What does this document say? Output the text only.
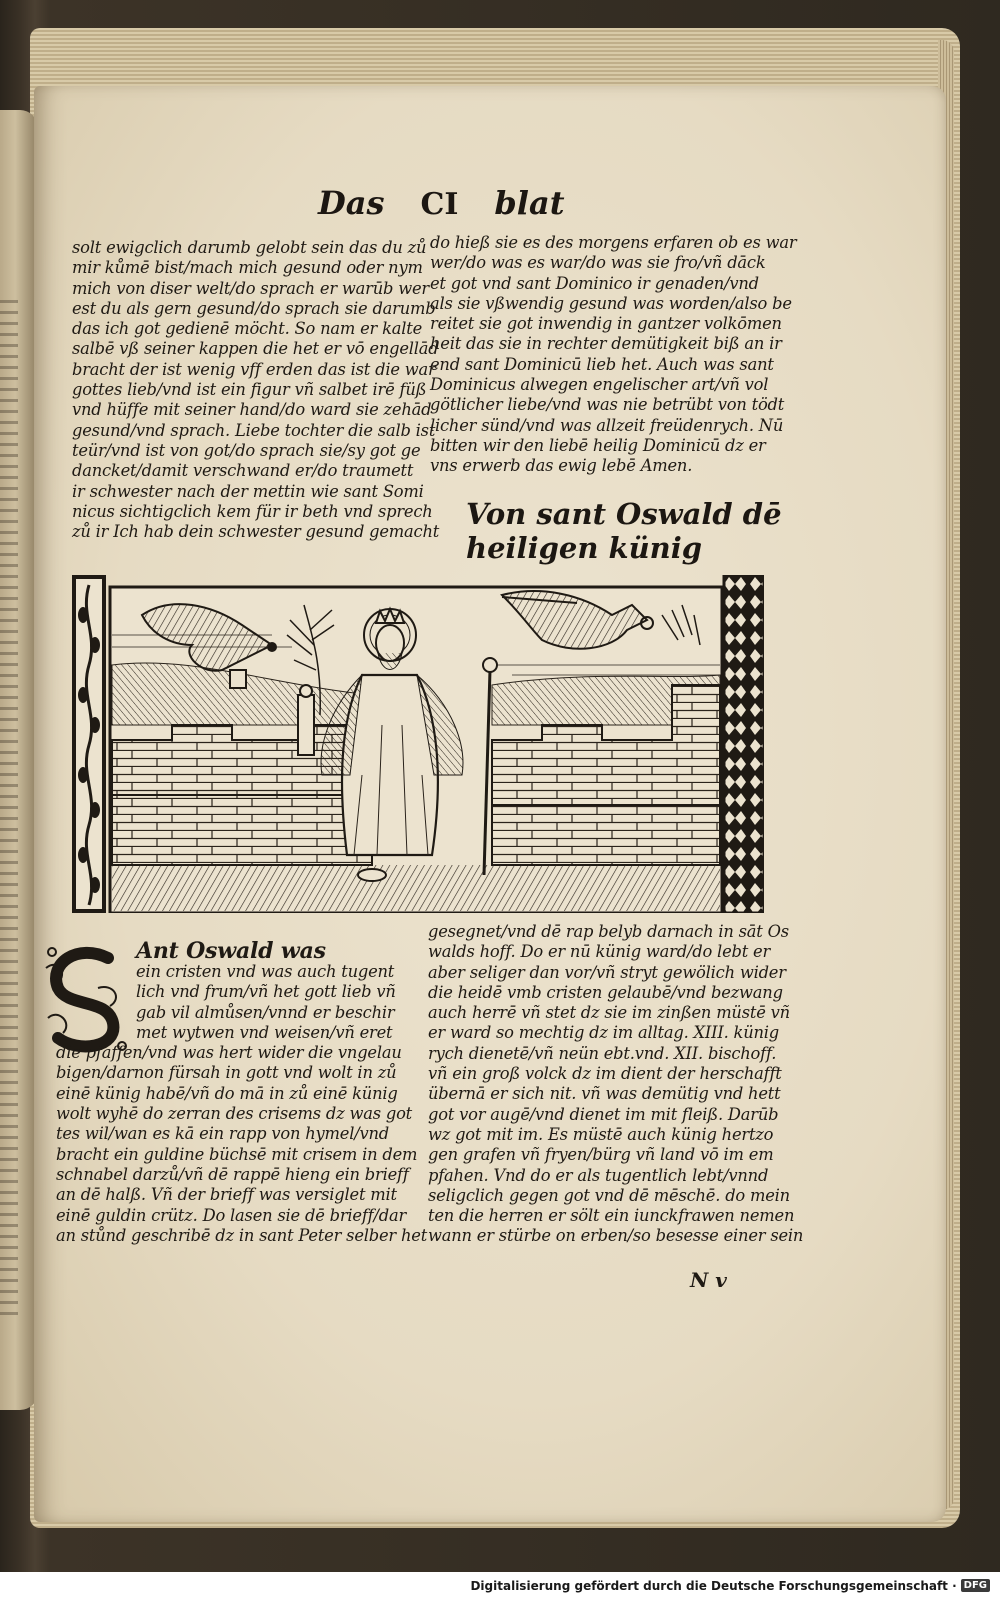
Das CI blat
solt ewigclich darumb gelobt sein das du zů
mir kůmē bist/mach mich gesund oder nym
mich von diser welt/do sprach er warūb wer
est du als gern gesund/do sprach sie darumb
das ich got gedienē möcht. So nam er kalte
salbē vß seiner kappen die het er vō engellād
bracht der ist wenig vff erden das ist die war
gottes lieb/vnd ist ein figur vñ salbet irē füß
vnd hüffe mit seiner hand/do ward sie zehād
gesund/vnd sprach. Liebe tochter die salb ist
teür/vnd ist von got/do sprach sie/sy got ge
dancket/damit verschwand er/do traumett
ir schwester nach der mettin wie sant Somi
nicus sichtigclich kem für ir beth vnd sprech
zů ir Ich hab dein schwester gesund gemacht
do hieß sie es des morgens erfaren ob es war
wer/do was es war/do was sie fro/vñ dāck
et got vnd sant Dominico ir genaden/vnd
als sie vßwendig gesund was worden/also be
reitet sie got inwendig in gantzer volkōmen
heit das sie in rechter demütigkeit biß an ir
end sant Dominicū lieb het. Auch was sant
Dominicus alwegen engelischer art/vñ vol
götlicher liebe/vnd was nie betrübt von tödt
licher sünd/vnd was allzeit freüdenrych. Nū
bitten wir den liebē heilig Dominicū dz er
vns erwerb das ewig lebē Amen.
Von sant Oswald dē
heiligen künig
Ant Oswald was
ein cristen vnd was auch tugent
lich vnd frum/vñ het gott lieb vñ
gab vil almůsen/vnnd er beschir
met wytwen vnd weisen/vñ eret
die pfaffen/vnd was hert wider die vngelau
bigen/darnon fürsah in gott vnd wolt in zů
einē künig habē/vñ do mā in zů einē künig
wolt wyhē do zerran des crisems dz was got
tes wil/wan es kā ein rapp von hymel/vnd
bracht ein guldine büchsē mit crisem in dem
schnabel darzů/vñ dē rappē hieng ein brieff
an dē halß. Vñ der brieff was versiglet mit
einē guldin crütz. Do lasen sie dē brieff/dar
an stůnd geschribē dz in sant Peter selber het
gesegnet/vnd dē rap belyb darnach in sāt Os
walds hoff. Do er nū künig ward/do lebt er
aber seliger dan vor/vñ stryt gewölich wider
die heidē vmb cristen gelaubē/vnd bezwang
auch herrē vñ stet dz sie im zinßen müstē vñ
er ward so mechtig dz im alltag. XIII. künig
rych dienetē/vñ neün ebt.vnd. XII. bischoff.
vñ ein groß volck dz im dient der herschafft
übernā er sich nit. vñ was demütig vnd hett
got vor augē/vnd dienet im mit fleiß. Darūb
wz got mit im. Es müstē auch künig hertzo
gen grafen vñ fryen/bürg vñ land vō im em
pfahen. Vnd do er als tugentlich lebt/vnnd
seligclich gegen got vnd dē mēschē. do mein
ten die herren er sölt ein iunckfrawen nemen
wann er stürbe on erben/so besesse einer sein
N v
Digitalisierung gefördert durch die Deutsche Forschungsgemeinschaft · DFG
